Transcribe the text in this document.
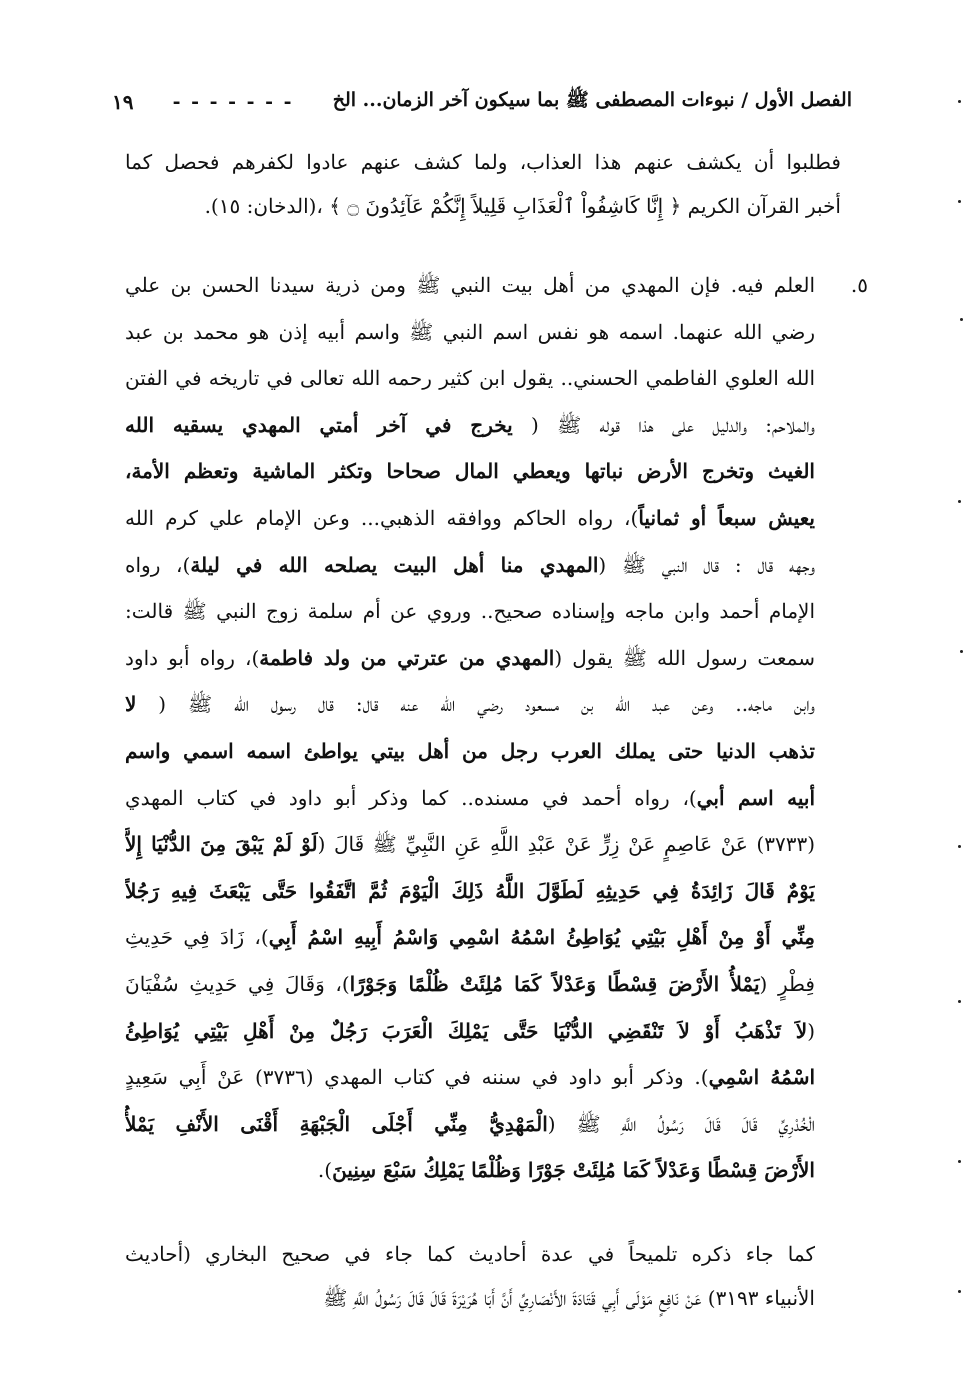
الفصل الأول / نبوءات المصطفى ﷺ بما سيكون آخر الزمان... الخ
- - - - - - -
١٩
فطلبوا أن يكشف عنهم هذا العذاب، ولما كشف عنهم عادوا لكفرهم فحصل كما
أخبر القرآن الكريم ﴿ إِنَّا كَاشِفُواْ ٱلْعَذَابِ قَلِيلاً إِنَّكُمْ عَآئِدُونَ ۝ ﴾ ،(الدخان: ١٥).
٥.
العلم فيه. فإن المهدي من أهل بيت النبي ﷺ ومن ذرية سيدنا الحسن بن علي
رضي الله عنهما. اسمه هو نفس اسم النبي ﷺ واسم أبيه إذن هو محمد بن عبد
الله العلوي الفاطمي الحسني.. يقول ابن كثير رحمه الله تعالى في تاريخه في الفتن
والملاحم: والدليل على هذا قوله ﷺ ( يخرج في آخر أمتي المهدي يسقيه الله
الغيث وتخرج الأرض نباتها ويعطي المال صحاحا وتكثر الماشية وتعظم الأمة،
يعيش سبعاً أو ثمانياً)، رواه الحاكم ووافقه الذهبي... وعن الإمام علي كرم الله
وجهه قال : قال النبي ﷺ (المهدي منا أهل البيت يصلحه الله في ليلة)، رواه
الإمام أحمد وابن ماجه وإسناده صحيح.. وروي عن أم سلمة زوج النبي ﷺ قالت:
سمعت رسول الله ﷺ يقول (المهدي من عترتي من ولد فاطمة)، رواه أبو داود
وابن ماجه.. وعن عبد الله بن مسعود رضي الله عنه قال: قال رسول الله ﷺ ( لا
تذهب الدنيا حتى يملك العرب رجل من أهل بيتي يواطئ اسمه اسمي واسم
أبيه اسم أبي)، رواه أحمد في مسنده.. كما وذكر أبو داود في كتاب المهدي
(٣٧٣٣) عَنْ عَاصِمٍ عَنْ زِرٍّ عَنْ عَبْدِ اللَّهِ عَنِ النَّبِيِّ ﷺ قَالَ (لَوْ لَمْ يَبْقَ مِنَ الدُّنْيَا إِلاَّ
يَوْمٌ قَالَ زَائِدَةُ فِي حَدِيثِهِ لَطَوَّلَ اللَّهُ ذَلِكَ الْيَوْمَ ثُمَّ اتَّفَقُوا حَتَّى يَبْعَثَ فِيهِ رَجُلاً
مِنِّي أَوْ مِنْ أَهْلِ بَيْتِي يُوَاطِئُ اسْمُهُ اسْمِي وَاسْمُ أَبِيهِ اسْمُ أَبِي)، زَادَ فِي حَدِيثِ
فِطْرٍ (يَمْلأُ الأَرْضَ قِسْطًا وَعَدْلاً كَمَا مُلِئَتْ ظُلْمًا وَجَوْرًا)، وَقَالَ فِي حَدِيثِ سُفْيَانَ
(لاَ تَذْهَبُ أَوْ لاَ تَنْقَضِي الدُّنْيَا حَتَّى يَمْلِكَ الْعَرَبَ رَجُلٌ مِنْ أَهْلِ بَيْتِي يُوَاطِئُ
اسْمُهُ اسْمِي). وذكر أبو داود في سننه في كتاب المهدي (٣٧٣٦) عَنْ أَبِي سَعِيدٍ
الْخُدْرِيِّ قَالَ قَالَ رَسُولُ اللَّهِ ﷺ (الْمَهْدِيُّ مِنِّي أَجْلَى الْجَبْهَةِ أَقْنَى الأَنْفِ يَمْلأُ
الأَرْضَ قِسْطًا وَعَدْلاً كَمَا مُلِئَتْ جَوْرًا وَظُلْمًا يَمْلِكُ سَبْعَ سِنِينَ).
كما جاء ذكره تلميحاً في عدة أحاديث كما جاء في صحيح البخاري (أحاديث
الأنبياء ٣١٩٣) عَنْ نَافِعٍ مَوْلَى أَبِي قَتَادَةَ الأَنْصَارِيِّ أَنَّ أَبَا هُرَيْرَةَ قَالَ قَالَ رَسُولُ اللَّهِ ﷺ
